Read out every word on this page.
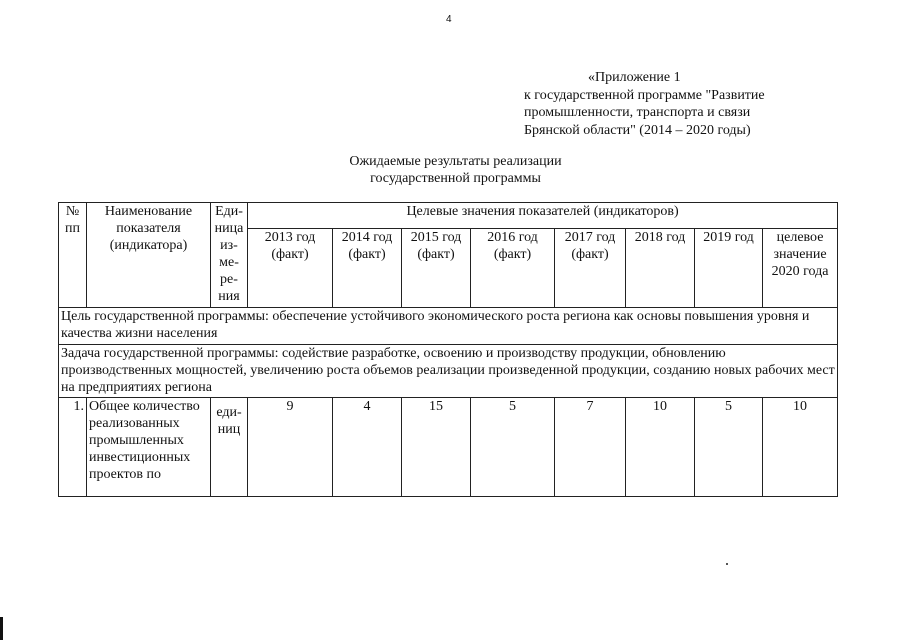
4
«Приложение 1
к государственной программе "Развитие
промышленности, транспорта и связи
Брянской области" (2014 – 2020 годы)
Ожидаемые результаты реализации
государственной программы
№ пп	Наименование показателя (индикатора)	Единица измерения	Целевые значения показателей (индикаторов)							
			2013 год (факт)	2014 год (факт)	2015 год (факт)	2016 год (факт)	2017 год (факт)	2018 год	2019 год	целевое значение 2020 года
Цель государственной программы: обеспечение устойчивого экономического роста региона как основы повышения уровня и качества жизни населения										
Задача государственной программы: содействие разработке, освоению и производству продукции, обновлению производственных мощностей, увеличению роста объемов реализации произведенной продукции, созданию новых рабочих мест на предприятиях региона										
1.	Общее количество реализованных промышленных инвестиционных проектов по	единиц	9	4	15	5	7	10	5	10
